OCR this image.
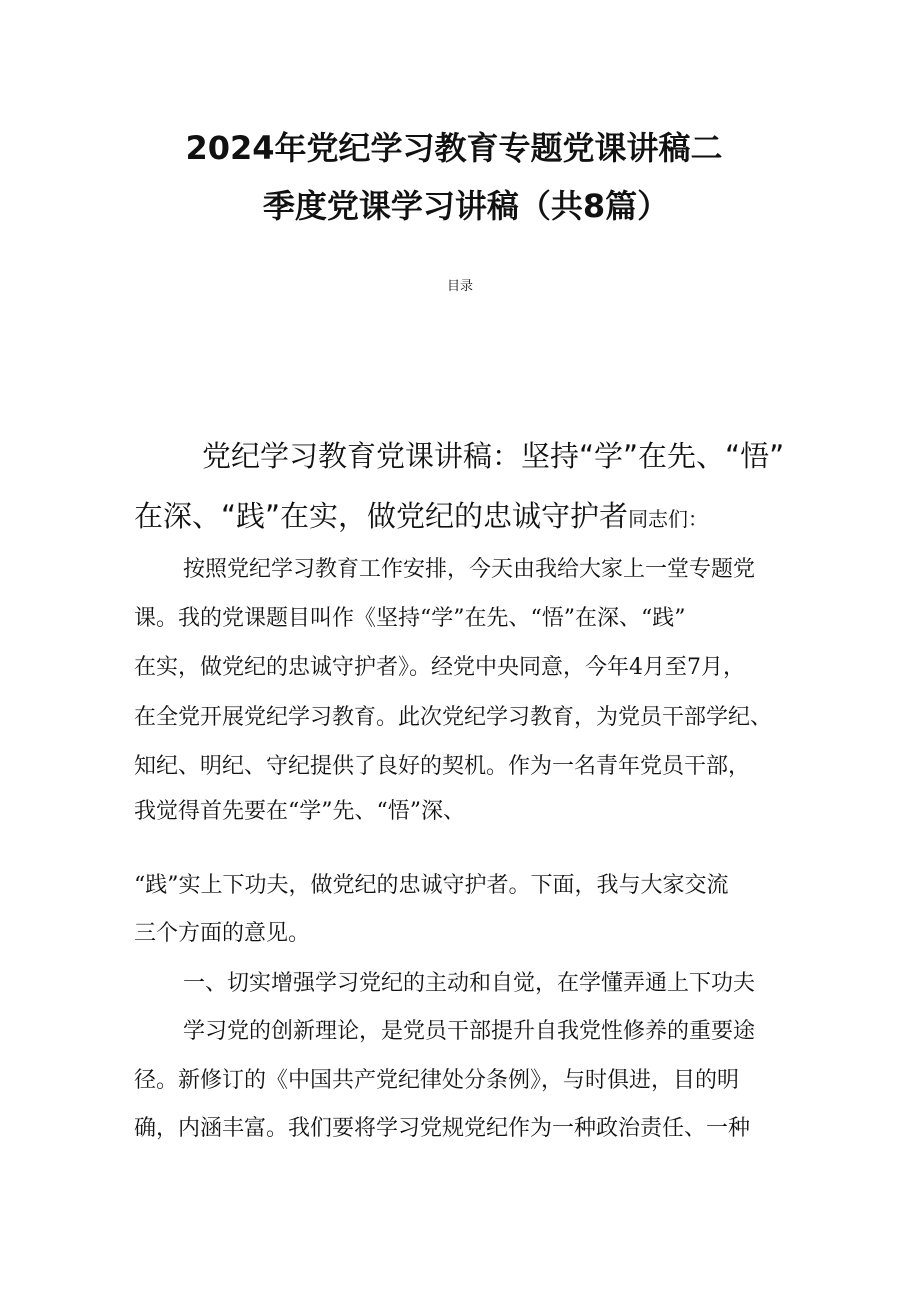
2024年党纪学习教育专题党课讲稿二
季度党课学习讲稿（共8篇）
目录
党纪学习教育党课讲稿：坚持“学”在先、“悟”
在深、“践”在实，做党纪的忠诚守护者同志们：
按照党纪学习教育工作安排，今天由我给大家上一堂专题党
课。我的党课题目叫作《坚持“学”在先、“悟”在深、“践”
在实，做党纪的忠诚守护者》。经党中央同意，今年4月至7月，
在全党开展党纪学习教育。此次党纪学习教育，为党员干部学纪、
知纪、明纪、守纪提供了良好的契机。作为一名青年党员干部，
我觉得首先要在“学”先、“悟”深、
“践”实上下功夫，做党纪的忠诚守护者。下面，我与大家交流
三个方面的意见。
一、切实增强学习党纪的主动和自觉，在学懂弄通上下功夫
学习党的创新理论，是党员干部提升自我党性修养的重要途
径。新修订的《中国共产党纪律处分条例》，与时俱进，目的明
确，内涵丰富。我们要将学习党规党纪作为一种政治责任、一种
